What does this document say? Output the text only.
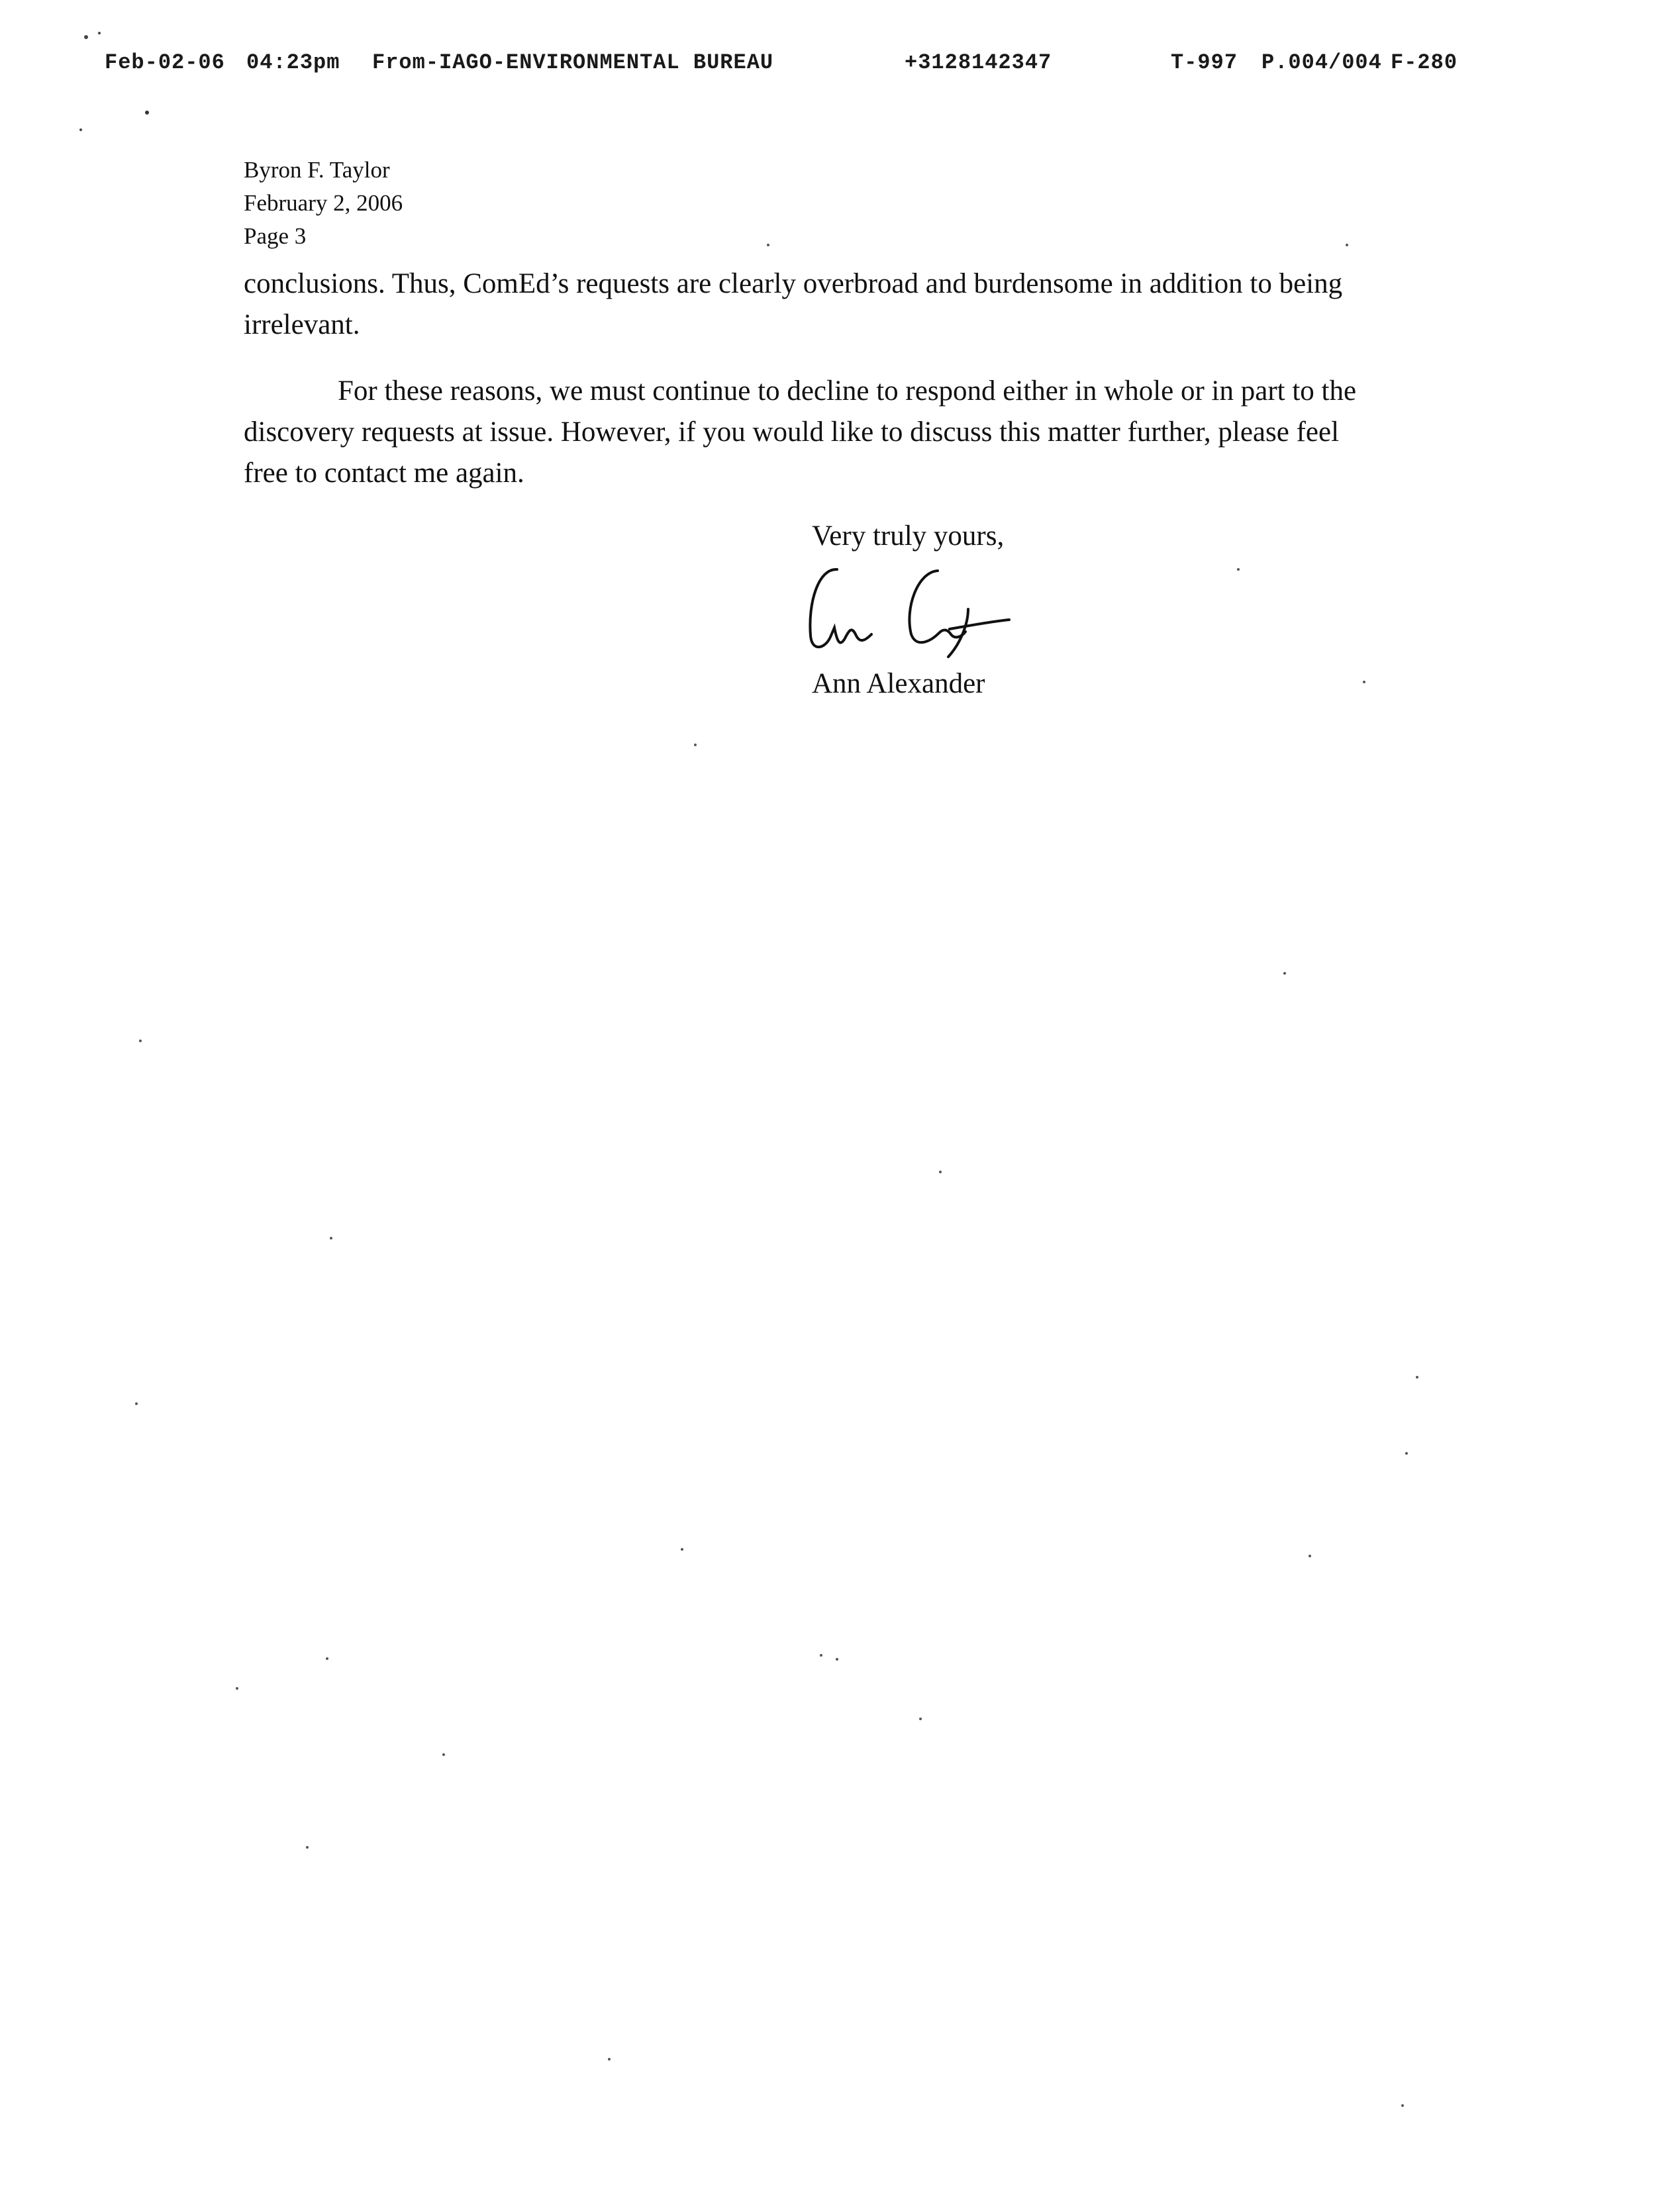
Feb-02-06 04:23pm From-IAGO-ENVIRONMENTAL BUREAU	+3128142347	T-997 P.004/004 F-280
Byron F. Taylor
February 2, 2006
Page 3
conclusions. Thus, ComEd’s requests are clearly overbroad and burdensome in addition to being irrelevant.
For these reasons, we must continue to decline to respond either in whole or in part to the discovery requests at issue. However, if you would like to discuss this matter further, please feel free to contact me again.
Very truly yours,
Ann Alexander
